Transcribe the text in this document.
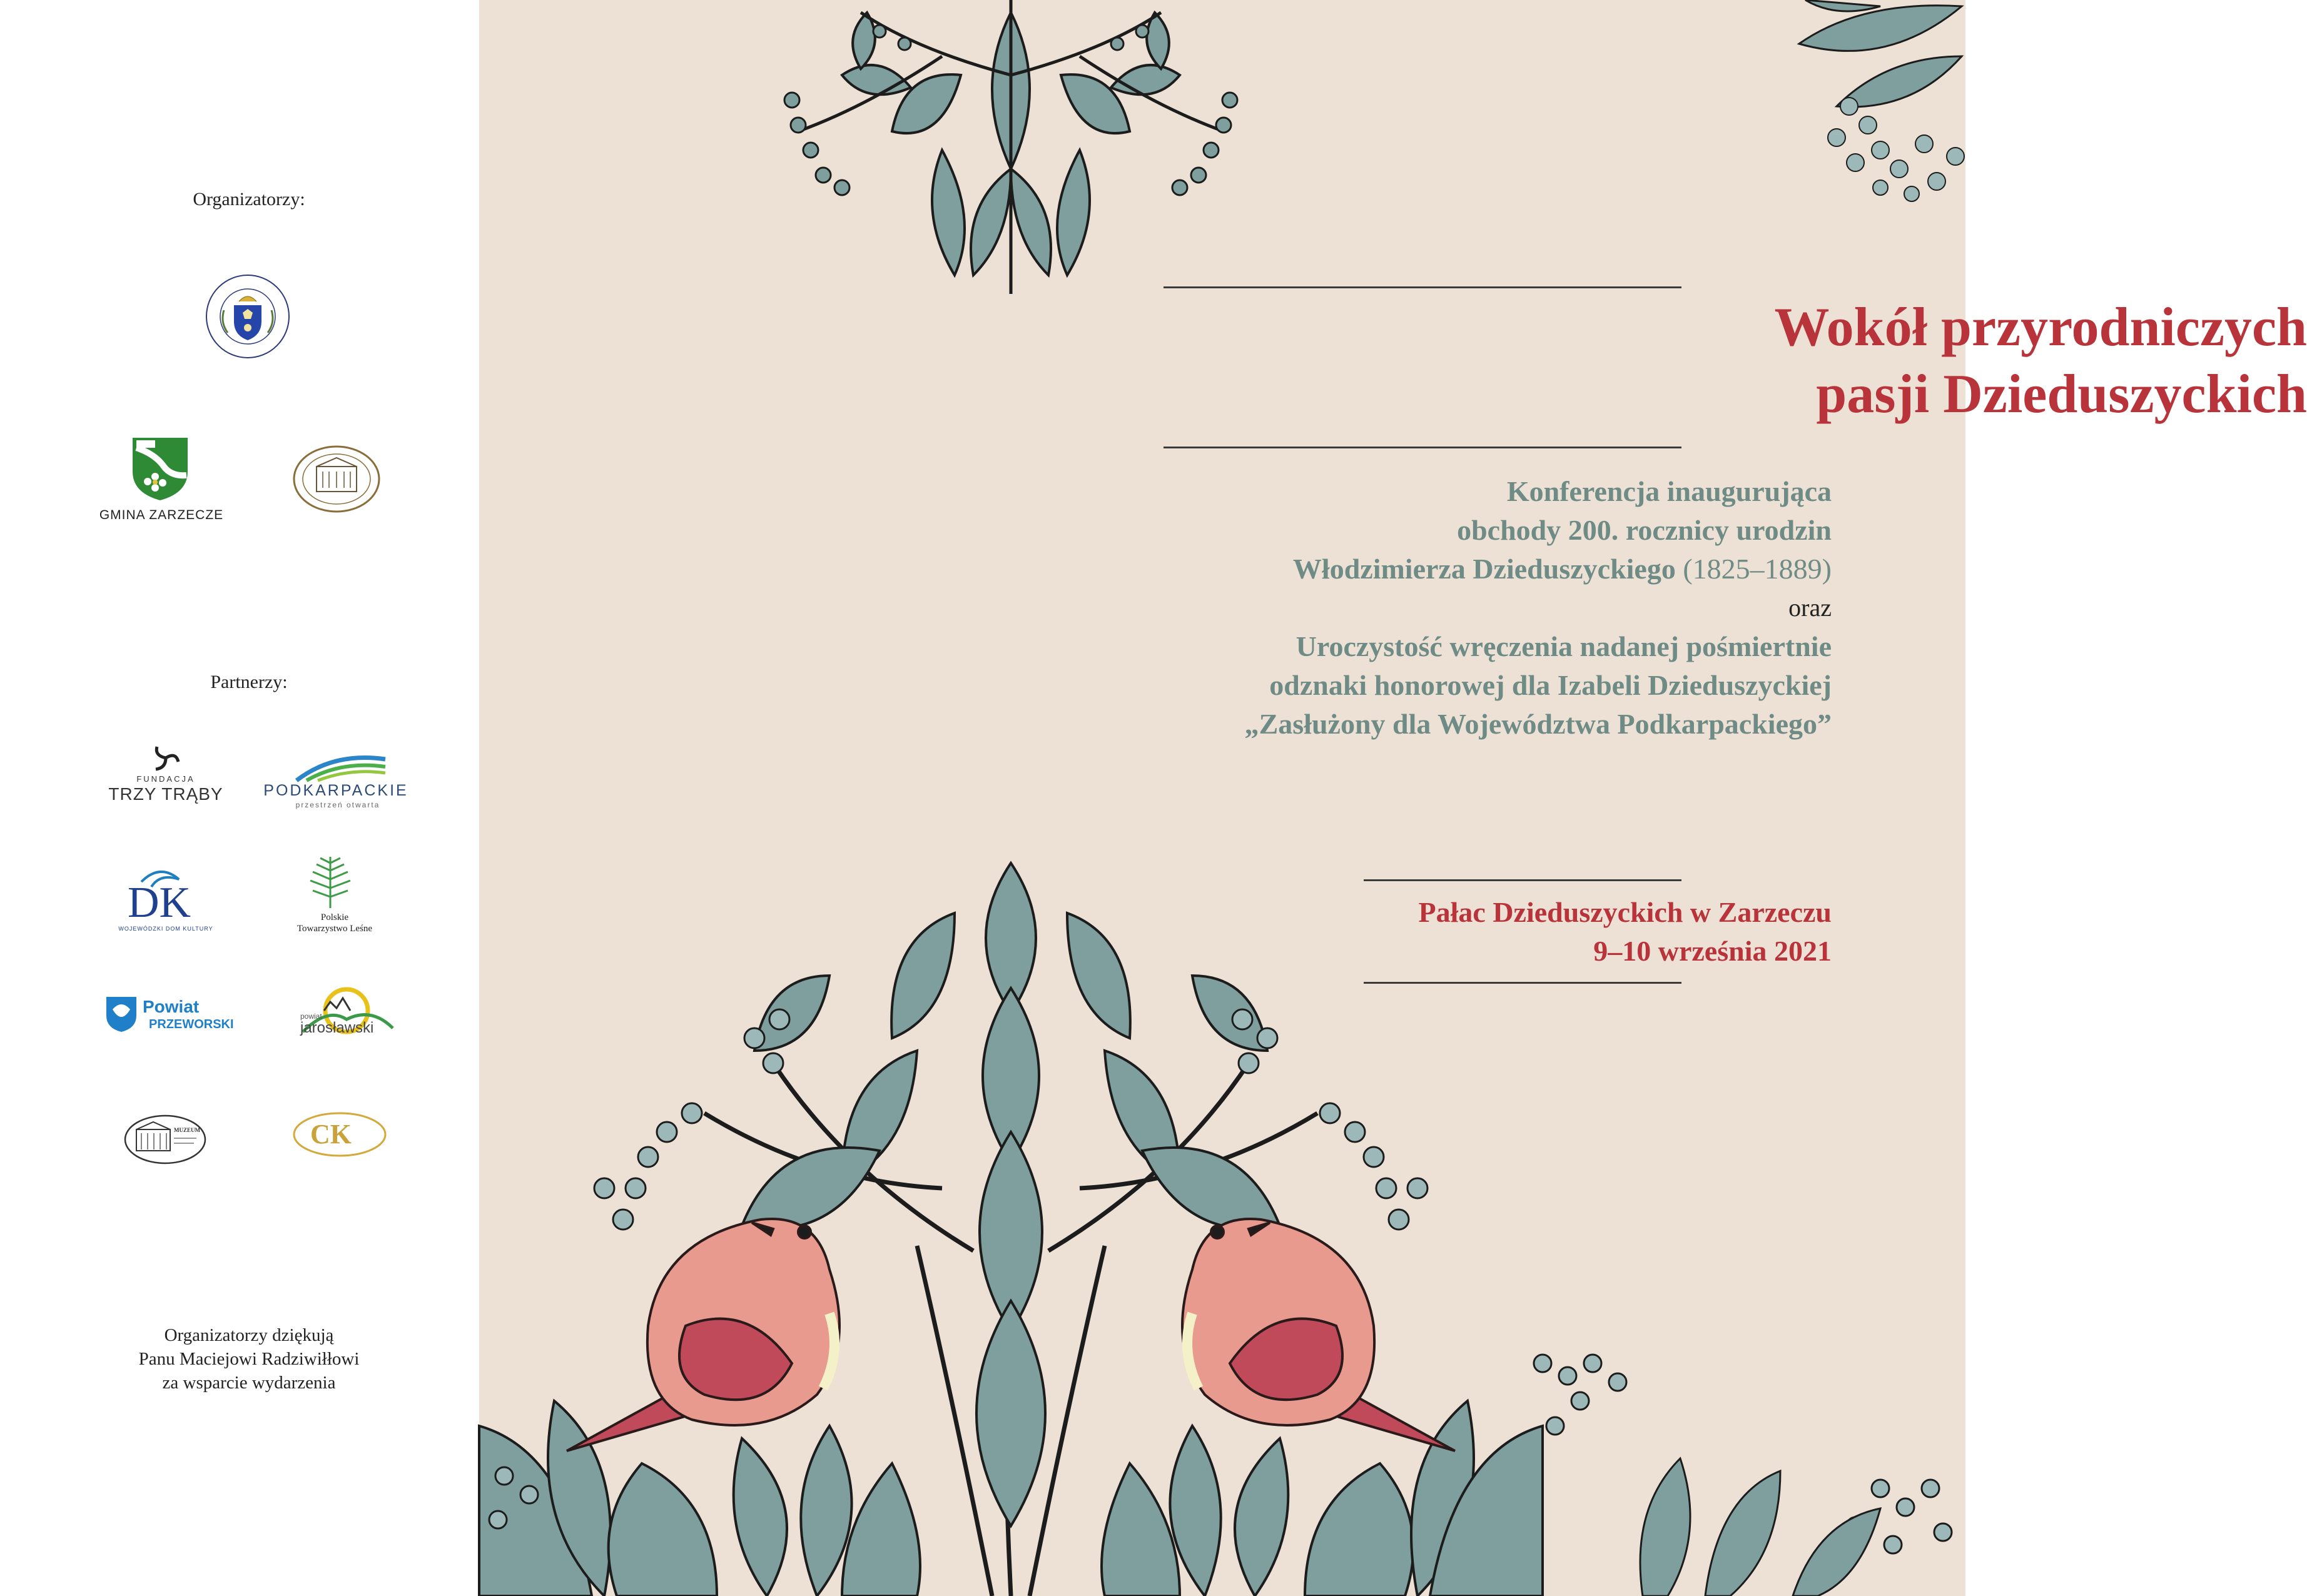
Organizatorzy:
GMINA ZARZECZE
Partnerzy:
FUNDACJA
TRZY TRĄBY	PODKARPACKIE
przestrzeń otwarta
DK
WOJEWÓDZKI DOM KULTURY
Polskie
Towarzystwo Leśne
Powiat
PRZEWORSKI
powiat
jarosławski
MUZEUM	CK
Organizatorzy dziękują
Panu Maciejowi Radziwiłłowi
za wsparcie wydarzenia
Wokół przyrodniczych
pasji Dzieduszyckich
Konferencja inaugurująca
obchody 200. rocznicy urodzin
Włodzimierza Dzieduszyckiego (1825–1889)
oraz
Uroczystość wręczenia nadanej pośmiertnie
odznaki honorowej dla Izabeli Dzieduszyckiej
„Zasłużony dla Województwa Podkarpackiego”
Pałac Dzieduszyckich w Zarzeczu
9–10 września 2021
